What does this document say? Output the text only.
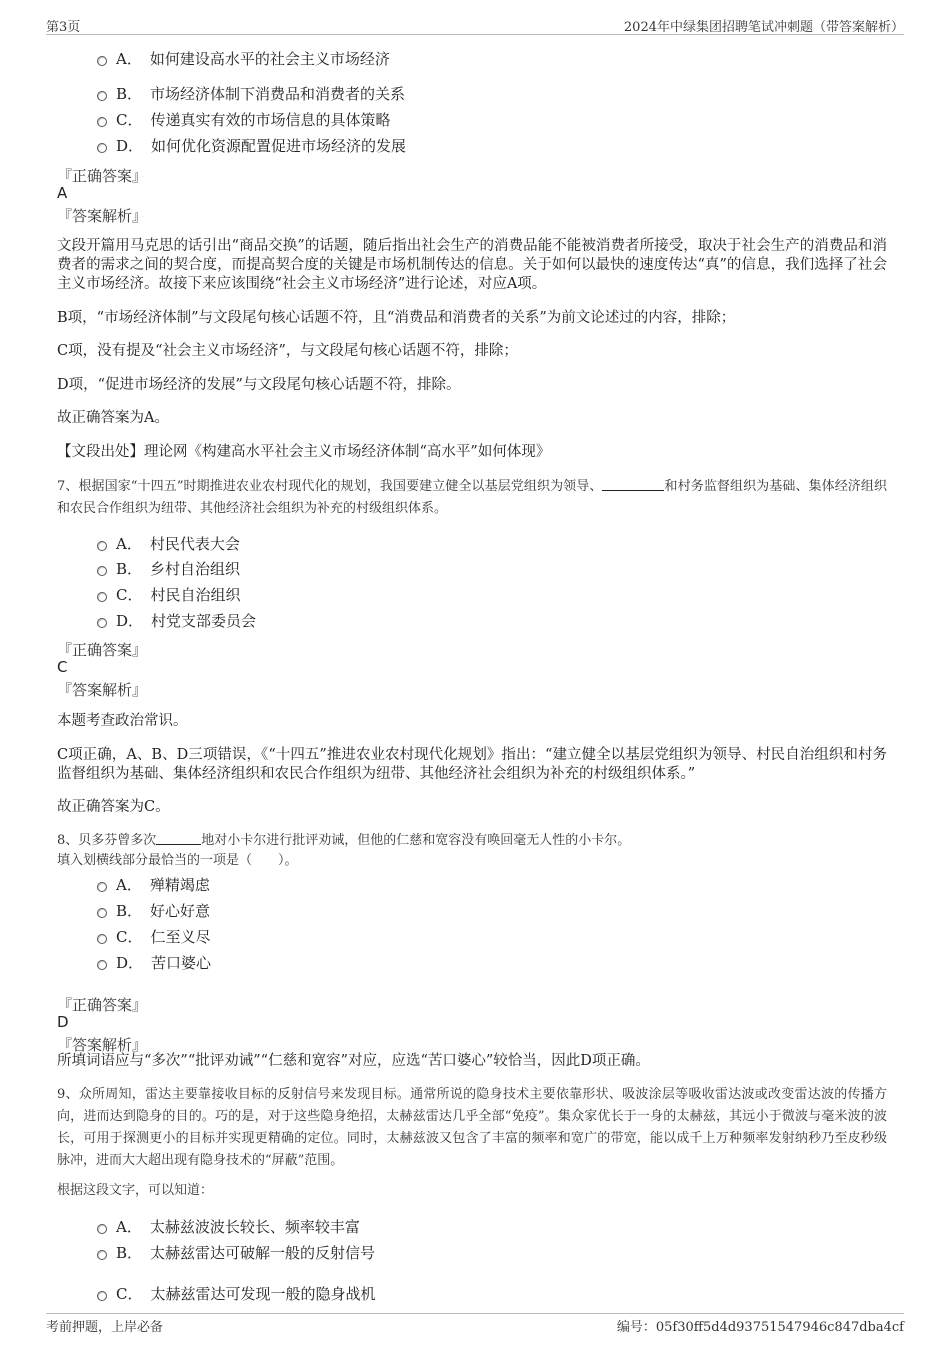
第3页	2024年中绿集团招聘笔试冲刺题（带答案解析）
A． 如何建设高水平的社会主义市场经济
B． 市场经济体制下消费品和消费者的关系
C． 传递真实有效的市场信息的具体策略
D． 如何优化资源配置促进市场经济的发展
『正确答案』
A
『答案解析』
文段开篇用马克思的话引出“商品交换”的话题，随后指出社会生产的消费品能不能被消费者所接受，取决于社会生产的消费品和消费者的需求之间的契合度，而提高契合度的关键是市场机制传达的信息。关于如何以最快的速度传达“真”的信息，我们选择了社会主义市场经济。故接下来应该围绕“社会主义市场经济”进行论述，对应A项。
B项，“市场经济体制”与文段尾句核心话题不符，且“消费品和消费者的关系”为前文论述过的内容，排除；
C项，没有提及“社会主义市场经济”，与文段尾句核心话题不符，排除；
D项，“促进市场经济的发展”与文段尾句核心话题不符，排除。
故正确答案为A。
【文段出处】理论网《构建高水平社会主义市场经济体制“高水平”如何体现》
7、根据国家“十四五”时期推进农业农村现代化的规划，我国要建立健全以基层党组织为领导、	和村务监督组织为基础、集体经济组织和农民合作组织为纽带、其他经济社会组织为补充的村级组织体系。
A． 村民代表大会
B． 乡村自治组织
C． 村民自治组织
D． 村党支部委员会
『正确答案』
C
『答案解析』
本题考查政治常识。
C项正确，A、B、D三项错误，《“十四五”推进农业农村现代化规划》指出：“建立健全以基层党组织为领导、村民自治组织和村务监督组织为基础、集体经济组织和农民合作组织为纽带、其他经济社会组织为补充的村级组织体系。”
故正确答案为C。
8、贝多芬曾多次	地对小卡尔进行批评劝诫，但他的仁慈和宽容没有唤回毫无人性的小卡尔。
填入划横线部分最恰当的一项是（　　）。
A． 殚精竭虑
B． 好心好意
C． 仁至义尽
D． 苦口婆心
『正确答案』
D
『答案解析』
所填词语应与“多次”“批评劝诫”“仁慈和宽容”对应，应选“苦口婆心”较恰当，因此D项正确。
9、众所周知，雷达主要靠接收目标的反射信号来发现目标。通常所说的隐身技术主要依靠形状、吸波涂层等吸收雷达波或改变雷达波的传播方向，进而达到隐身的目的。巧的是，对于这些隐身绝招，太赫兹雷达几乎全部“免疫”。集众家优长于一身的太赫兹，其远小于微波与毫米波的波长，可用于探测更小的目标并实现更精确的定位。同时，太赫兹波又包含了丰富的频率和宽广的带宽，能以成千上万种频率发射纳秒乃至皮秒级脉冲，进而大大超出现有隐身技术的“屏蔽”范围。
根据这段文字，可以知道：
A． 太赫兹波波长较长、频率较丰富
B． 太赫兹雷达可破解一般的反射信号
C． 太赫兹雷达可发现一般的隐身战机
考前押题，上岸必备	编号：05f30ff5d4d93751547946c847dba4cf
